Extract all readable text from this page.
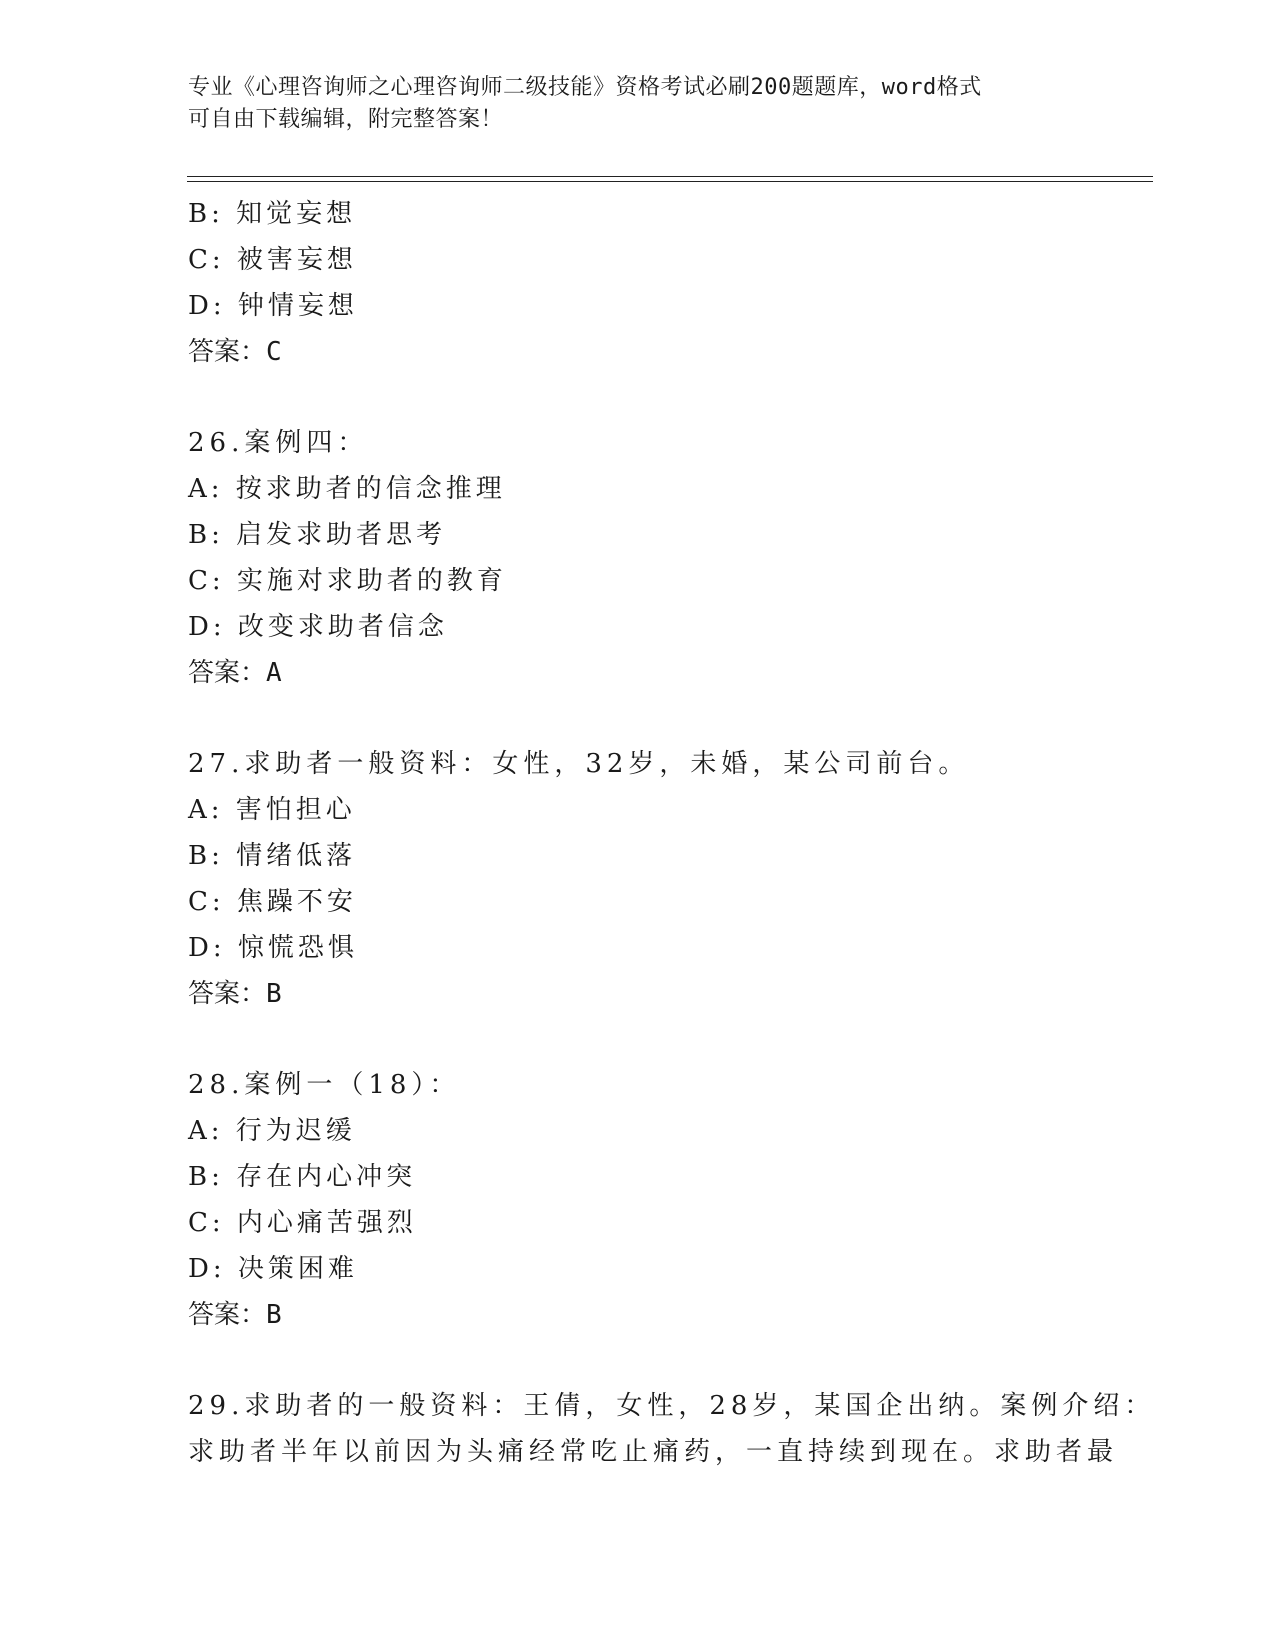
专业《心理咨询师之心理咨询师二级技能》资格考试必刷200题题库，word格式
可自由下载编辑，附完整答案！
B: 知觉妄想
C: 被害妄想
D: 钟情妄想
答案：C
26.案例四：
A: 按求助者的信念推理
B: 启发求助者思考
C: 实施对求助者的教育
D: 改变求助者信念
答案：A
27.求助者一般资料：女性，32岁，未婚，某公司前台。
A: 害怕担心
B: 情绪低落
C: 焦躁不安
D: 惊慌恐惧
答案：B
28.案例一（18）：
A: 行为迟缓
B: 存在内心冲突
C: 内心痛苦强烈
D: 决策困难
答案：B
29.求助者的一般资料：王倩，女性，28岁，某国企出纳。案例介绍：
求助者半年以前因为头痛经常吃止痛药，一直持续到现在。求助者最
